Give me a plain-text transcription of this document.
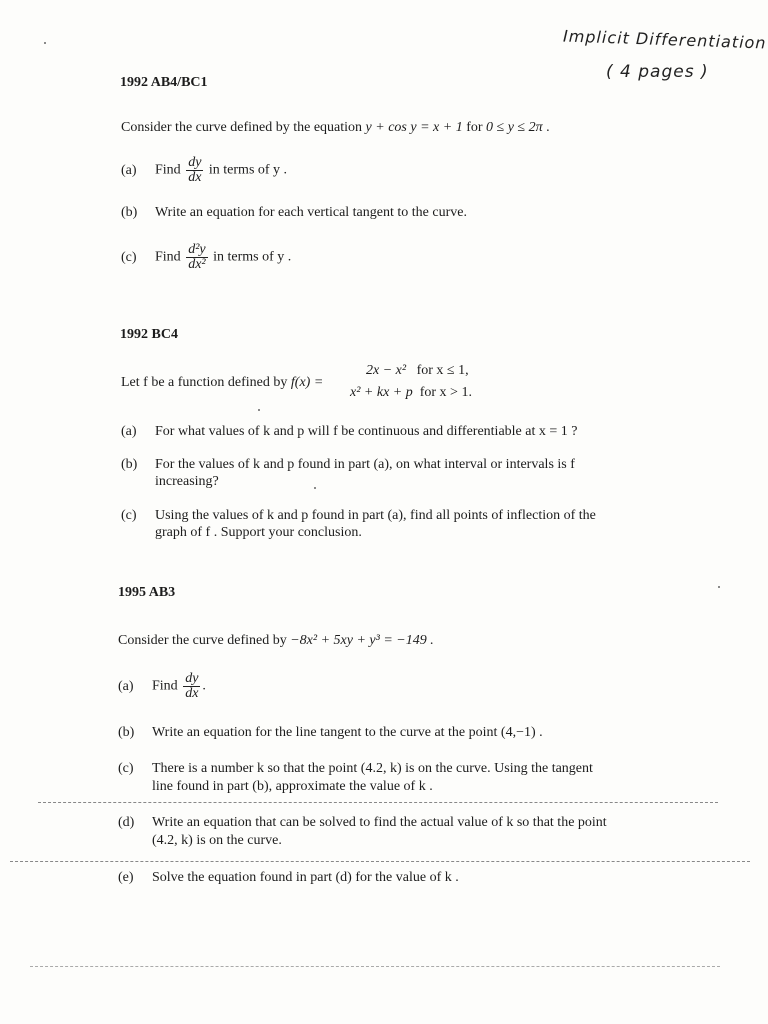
Implicit Differentiation
( 4 pages )
1992 AB4/BC1
Consider the curve defined by the equation y + cos y = x + 1 for 0 ≤ y ≤ 2π .
(a) Find $\frac{dy}{dx}$ in terms of y .
(b) Write an equation for each vertical tangent to the curve.
(c) Find $\frac{\text{d²y}}{\text{dx²}}$ in terms of y .
1992 BC4
Let f be a function defined by f(x) =
2x − x² for x ≤ 1,
x² + kx + p for x > 1.
(a) For what values of k and p will f be continuous and differentiable at x = 1 ?
(b) For the values of k and p found in part (a), on what interval or intervals is f
increasing?
(c) Using the values of k and p found in part (a), find all points of inflection of the
graph of f . Support your conclusion.
1995 AB3
Consider the curve defined by −8x² + 5xy + y³ = −149 .
(a) Find $\frac{dy}{dx}$ .
(b) Write an equation for the line tangent to the curve at the point (4,−1) .
(c) There is a number k so that the point (4.2, k) is on the curve. Using the tangent
line found in part (b), approximate the value of k .
(d) Write an equation that can be solved to find the actual value of k so that the point
(4.2, k) is on the curve.
(e) Solve the equation found in part (d) for the value of k .
